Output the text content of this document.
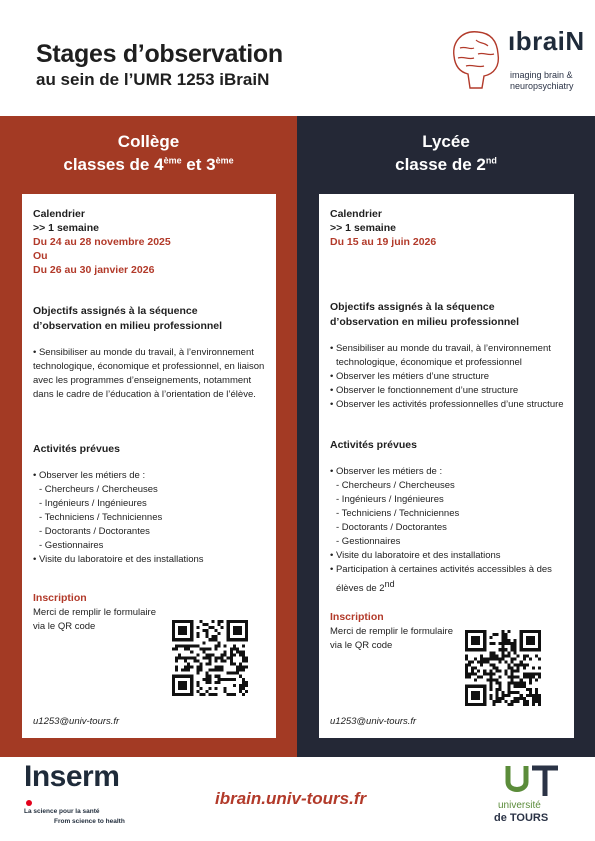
Stages d’observation
au sein de l’UMR 1253 iBraiN
ıbraiN
imaging brain &
neuropsychiatry
Collège
classes de 4ème et 3ème
Calendrier
>> 1 semaine
Du 24 au 28 novembre 2025
Ou
Du 26 au 30 janvier 2026
Objectifs assignés à la séquence
d’observation en milieu professionnel
• Sensibiliser au monde du travail, à l’environnement
technologique, économique et professionnel, en liaison
avec les programmes d’enseignements, notamment
dans le cadre de l’éducation à l’orientation de l’élève.
Activités prévues
• Observer les métiers de :
- Chercheurs / Chercheuses
- Ingénieurs / Ingénieures
- Techniciens / Techniciennes
- Doctorants / Doctorantes
- Gestionnaires
• Visite du laboratoire et des installations
Inscription
Merci de remplir le formulaire
via le QR code
u1253@univ-tours.fr
Lycée
classe de 2nd
Calendrier
>> 1 semaine
Du 15 au 19 juin 2026
Objectifs assignés à la séquence
d’observation en milieu professionnel
• Sensibiliser au monde du travail, à l’environnement
technologique, économique et professionnel
• Observer les métiers d’une structure
• Observer le fonctionnement d’une structure
• Observer les activités professionnelles d’une structure
Activités prévues
• Observer les métiers de :
- Chercheurs / Chercheuses
- Ingénieurs / Ingénieures
- Techniciens / Techniciennes
- Doctorants / Doctorantes
- Gestionnaires
• Visite du laboratoire et des installations
• Participation à certaines activités accessibles à des
élèves de 2nd
Inscription
Merci de remplir le formulaire
via le QR code
u1253@univ-tours.fr
Inserm
La science pour la santé
From science to health
ibrain.univ-tours.fr	université
de TOURS
